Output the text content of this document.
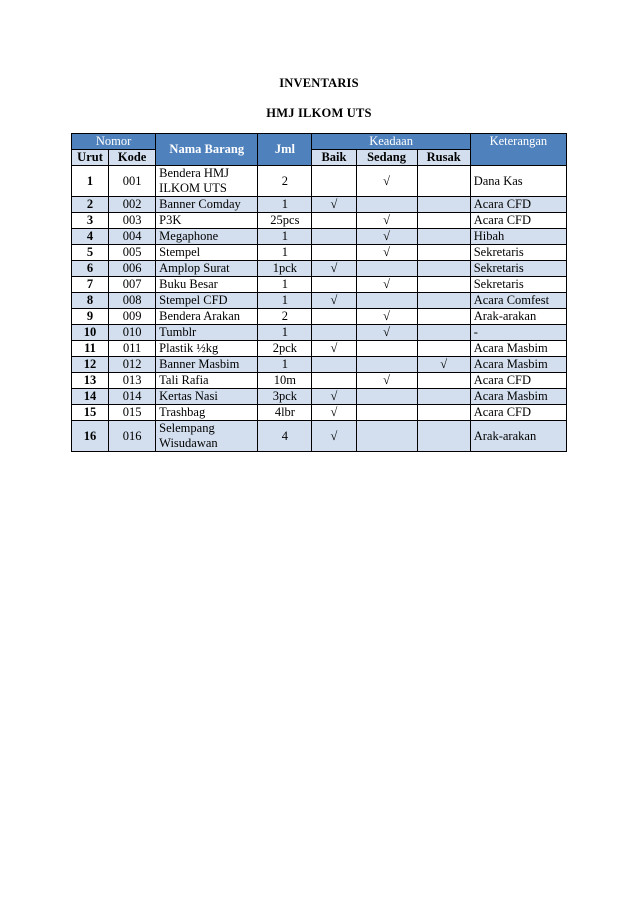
INVENTARIS
HMJ ILKOM UTS
Nomor		Nama Barang	Jml	Keadaan			Keterangan
Urut	Kode			Baik	Sedang	Rusak	
1	001	Bendera HMJ ILKOM UTS	2		√		Dana Kas
2	002	Banner Comday	1	√			Acara CFD
3	003	P3K	25pcs		√		Acara CFD
4	004	Megaphone	1		√		Hibah
5	005	Stempel	1		√		Sekretaris
6	006	Amplop Surat	1pck	√			Sekretaris
7	007	Buku Besar	1		√		Sekretaris
8	008	Stempel CFD	1	√			Acara Comfest
9	009	Bendera Arakan	2		√		Arak-arakan
10	010	Tumblr	1		√		-
11	011	Plastik ½kg	2pck	√			Acara Masbim
12	012	Banner Masbim	1			√	Acara Masbim
13	013	Tali Rafia	10m		√		Acara CFD
14	014	Kertas Nasi	3pck	√			Acara Masbim
15	015	Trashbag	4lbr	√			Acara CFD
16	016	Selempang Wisudawan	4	√			Arak-arakan
